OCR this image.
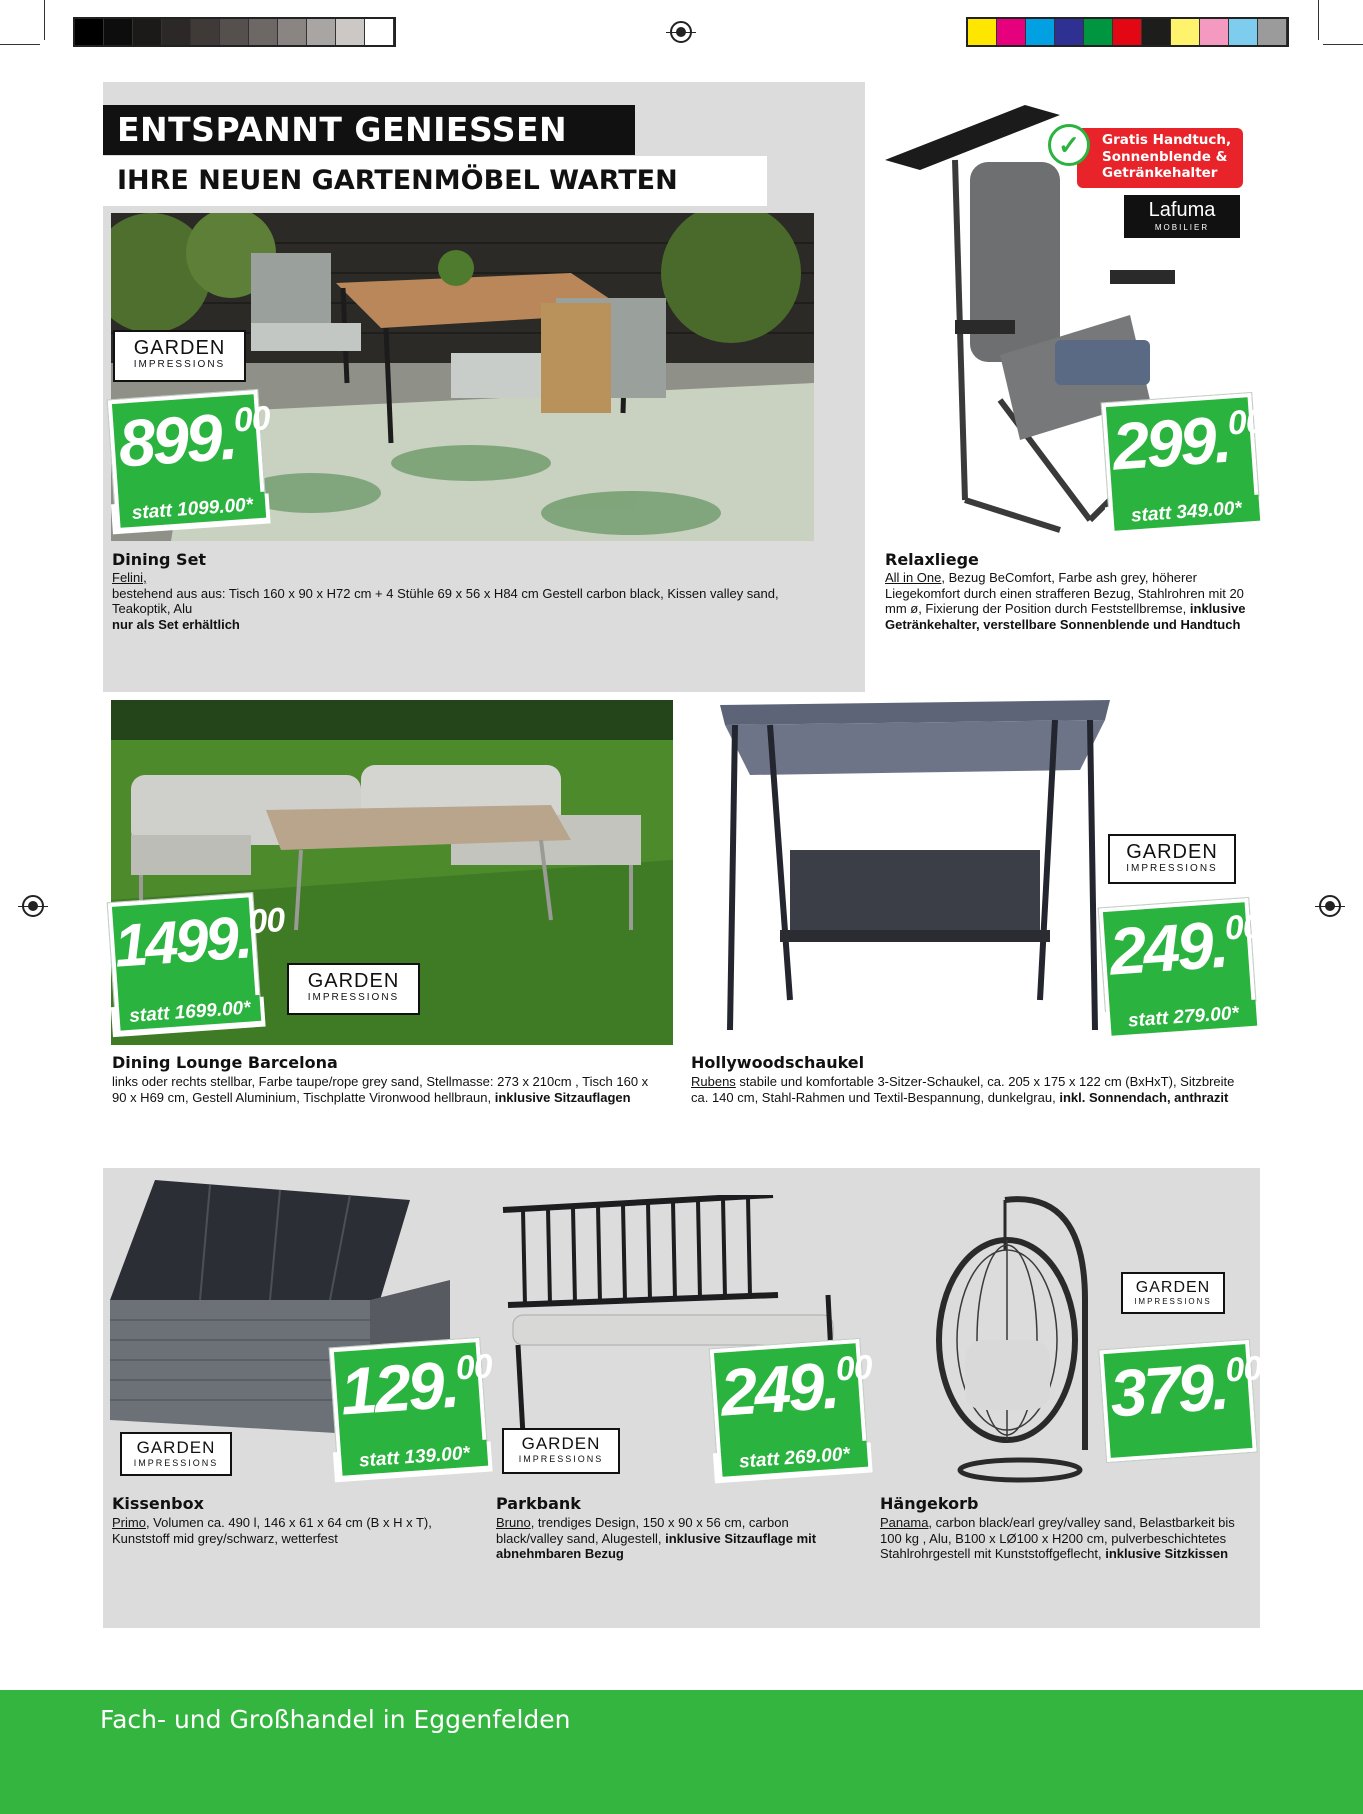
ENTSPANNT GENIESSEN
IHRE NEUEN GARTENMÖBEL WARTEN
GARDEN
IMPRESSIONS
899.00
statt 1099.00*
Dining Set
Felini,
bestehend aus aus: Tisch 160 x 90 x H72 cm + 4 Stühle 69 x 56 x H84 cm Gestell carbon black, Kissen valley sand,
Teakoptik, Alu
nur als Set erhältlich
Gratis Handtuch,
Sonnenblende &
Getränkehalter
✓
Lafuma
MOBILIER
299.00
statt 349.00*
Relaxliege
All in One, Bezug BeComfort, Farbe ash grey, höherer Liegekomfort durch einen strafferen Bezug, Stahlrohren mit 20 mm ø, Fixierung der Position durch Feststellbremse, inklusive Getränkehalter, verstellbare Sonnenblende und Handtuch
GARDEN
IMPRESSIONS
1499.00
statt 1699.00*
Dining Lounge Barcelona
links oder rechts stellbar, Farbe taupe/rope grey sand, Stellmasse: 273 x 210cm , Tisch 160 x 90 x H69 cm, Gestell Aluminium, Tischplatte Vironwood hellbraun, inklusive Sitzauflagen
GARDEN
IMPRESSIONS
249.00
statt 279.00*
Hollywoodschaukel
Rubens stabile und komfortable 3-Sitzer-Schaukel, ca. 205 x 175 x 122 cm (BxHxT), Sitzbreite ca. 140 cm, Stahl-Rahmen und Textil-Bespannung, dunkelgrau, inkl. Sonnendach, anthrazit
GARDEN
IMPRESSIONS
129.00
statt 139.00*
Kissenbox
Primo, Volumen ca. 490 l, 146 x 61 x 64 cm (B x H x T), Kunststoff mid grey/schwarz, wetterfest
GARDEN
IMPRESSIONS
249.00
statt 269.00*
Parkbank
Bruno, trendiges Design, 150 x 90 x 56 cm, carbon black/valley sand, Alugestell, inklusive Sitzauflage mit abnehmbaren Bezug
GARDEN
IMPRESSIONS
379.00
Hängekorb
Panama, carbon black/earl grey/valley sand, Belastbarkeit bis 100 kg , Alu, B100 x LØ100 x H200 cm, pulverbeschichtetes Stahlrohrgestell mit Kunststoffgeflecht, inklusive Sitzkissen
Fach- und Großhandel in Eggenfelden
